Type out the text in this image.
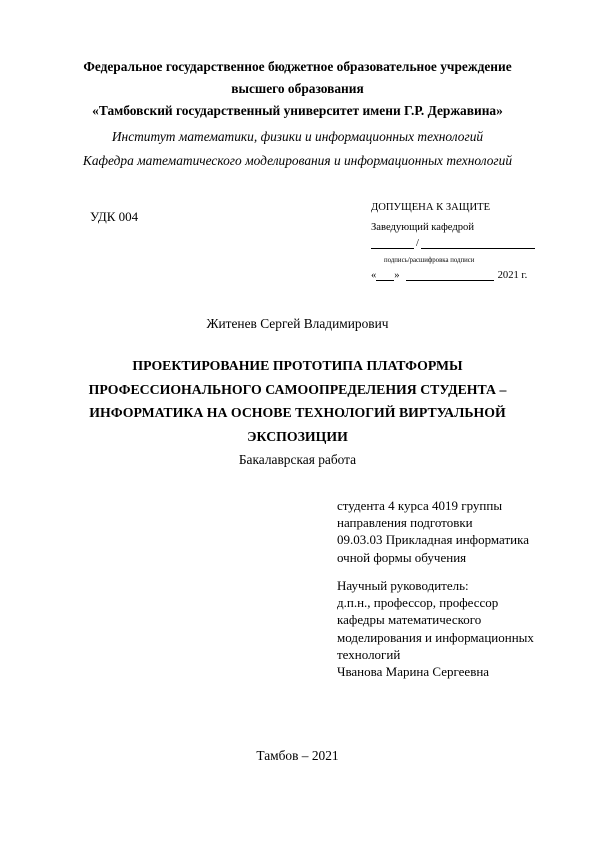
Федеральное государственное бюджетное образовательное учреждение
высшего образования
«Тамбовский государственный университет имени Г.Р. Державина»
Институт математики, физики и информационных технологий
Кафедра математического моделирования и информационных технологий
УДК 004
ДОПУЩЕНА К ЗАЩИТЕ
Заведующий кафедрой
/
подпись/расшифровка подписи
« »	2021 г.
Житенев Сергей Владимирович
ПРОЕКТИРОВАНИЕ ПРОТОТИПА ПЛАТФОРМЫ
ПРОФЕССИОНАЛЬНОГО САМООПРЕДЕЛЕНИЯ СТУДЕНТА –
ИНФОРМАТИКА НА ОСНОВЕ ТЕХНОЛОГИЙ ВИРТУАЛЬНОЙ
ЭКСПОЗИЦИИ
Бакалаврская работа
студента 4 курса 4019 группы
направления подготовки
09.03.03 Прикладная информатика
очной формы обучения
Научный руководитель:
д.п.н., профессор, профессор
кафедры математического
моделирования и информационных
технологий
Чванова Марина Сергеевна
Тамбов – 2021
